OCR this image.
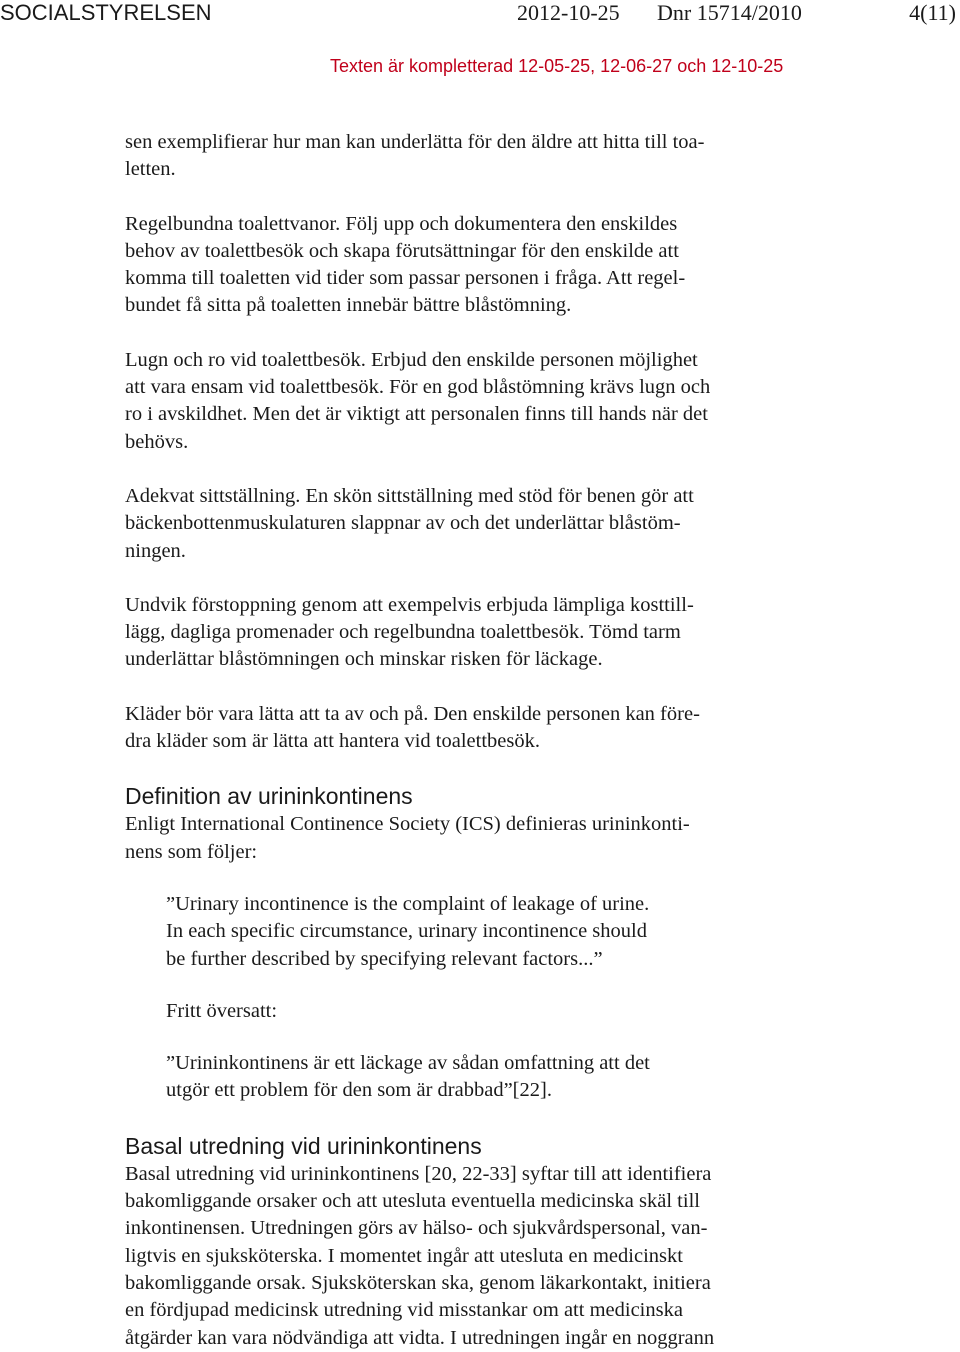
SOCIALSTYRELSEN	2012-10-25 Dnr 15714/2010	4(11)
Texten är kompletterad 12-05-25, 12-06-27 och 12-10-25

sen exemplifierar hur man kan underlätta för den äldre att hitta till toa-
letten.

Regelbundna toalettvanor. Följ upp och dokumentera den enskildes
behov av toalettbesök och skapa förutsättningar för den enskilde att
komma till toaletten vid tider som passar personen i fråga. Att regel-
bundet få sitta på toaletten innebär bättre blåstömning.

Lugn och ro vid toalettbesök. Erbjud den enskilde personen möjlighet
att vara ensam vid toalettbesök. För en god blåstömning krävs lugn och
ro i avskildhet. Men det är viktigt att personalen finns till hands när det
behövs.

Adekvat sittställning. En skön sittställning med stöd för benen gör att
bäckenbottenmuskulaturen slappnar av och det underlättar blåstöm-
ningen.

Undvik förstoppning genom att exempelvis erbjuda lämpliga kosttill-
lägg, dagliga promenader och regelbundna toalettbesök. Tömd tarm
underlättar blåstömningen och minskar risken för läckage.

Kläder bör vara lätta att ta av och på. Den enskilde personen kan före-
dra kläder som är lätta att hantera vid toalettbesök.

Definition av urininkontinens

Enligt International Continence Society (ICS) definieras urininkonti-
nens som följer:

”Urinary incontinence is the complaint of leakage of urine.
In each specific circumstance, urinary incontinence should
be further described by specifying relevant factors...”

Fritt översatt:

”Urininkontinens är ett läckage av sådan omfattning att det
utgör ett problem för den som är drabbad”[22].

Basal utredning vid urininkontinens

Basal utredning vid urininkontinens [20, 22-33] syftar till att identifiera
bakomliggande orsaker och att utesluta eventuella medicinska skäl till
inkontinensen. Utredningen görs av hälso- och sjukvårdspersonal, van-
ligtvis en sjuksköterska. I momentet ingår att utesluta en medicinskt
bakomliggande orsak. Sjuksköterskan ska, genom läkarkontakt, initiera
en fördjupad medicinsk utredning vid misstankar om att medicinska
åtgärder kan vara nödvändiga att vidta. I utredningen ingår en noggrann
